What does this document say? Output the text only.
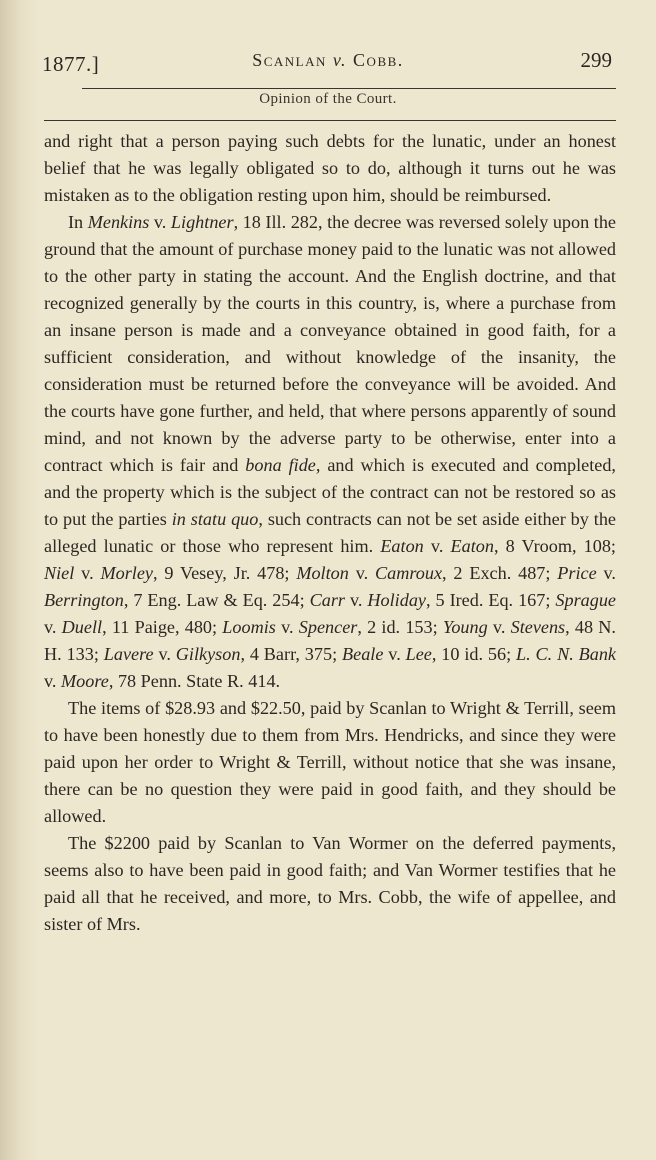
1877.]	Scanlan v. Cobb.	299
Opinion of the Court.

and right that a person paying such debts for the lunatic, under an honest belief that he was legally obligated so to do, although it turns out he was mistaken as to the obligation resting upon him, should be reimbursed.

In Menkins v. Lightner, 18 Ill. 282, the decree was reversed solely upon the ground that the amount of purchase money paid to the lunatic was not allowed to the other party in stating the account. And the English doctrine, and that recognized generally by the courts in this country, is, where a purchase from an insane person is made and a conveyance obtained in good faith, for a sufficient consideration, and without knowledge of the insanity, the consideration must be returned before the conveyance will be avoided. And the courts have gone further, and held, that where persons apparently of sound mind, and not known by the adverse party to be otherwise, enter into a contract which is fair and bona fide, and which is executed and completed, and the property which is the subject of the contract can not be restored so as to put the parties in statu quo, such contracts can not be set aside either by the alleged lunatic or those who represent him. Eaton v. Eaton, 8 Vroom, 108; Niel v. Morley, 9 Vesey, Jr. 478; Molton v. Camroux, 2 Exch. 487; Price v. Berrington, 7 Eng. Law & Eq. 254; Carr v. Holiday, 5 Ired. Eq. 167; Sprague v. Duell, 11 Paige, 480; Loomis v. Spencer, 2 id. 153; Young v. Stevens, 48 N. H. 133; Lavere v. Gilkyson, 4 Barr, 375; Beale v. Lee, 10 id. 56; L. C. N. Bank v. Moore, 78 Penn. State R. 414.

The items of $28.93 and $22.50, paid by Scanlan to Wright & Terrill, seem to have been honestly due to them from Mrs. Hendricks, and since they were paid upon her order to Wright & Terrill, without notice that she was insane, there can be no question they were paid in good faith, and they should be allowed.

The $2200 paid by Scanlan to Van Wormer on the deferred payments, seems also to have been paid in good faith; and Van Wormer testifies that he paid all that he received, and more, to Mrs. Cobb, the wife of appellee, and sister of Mrs.
